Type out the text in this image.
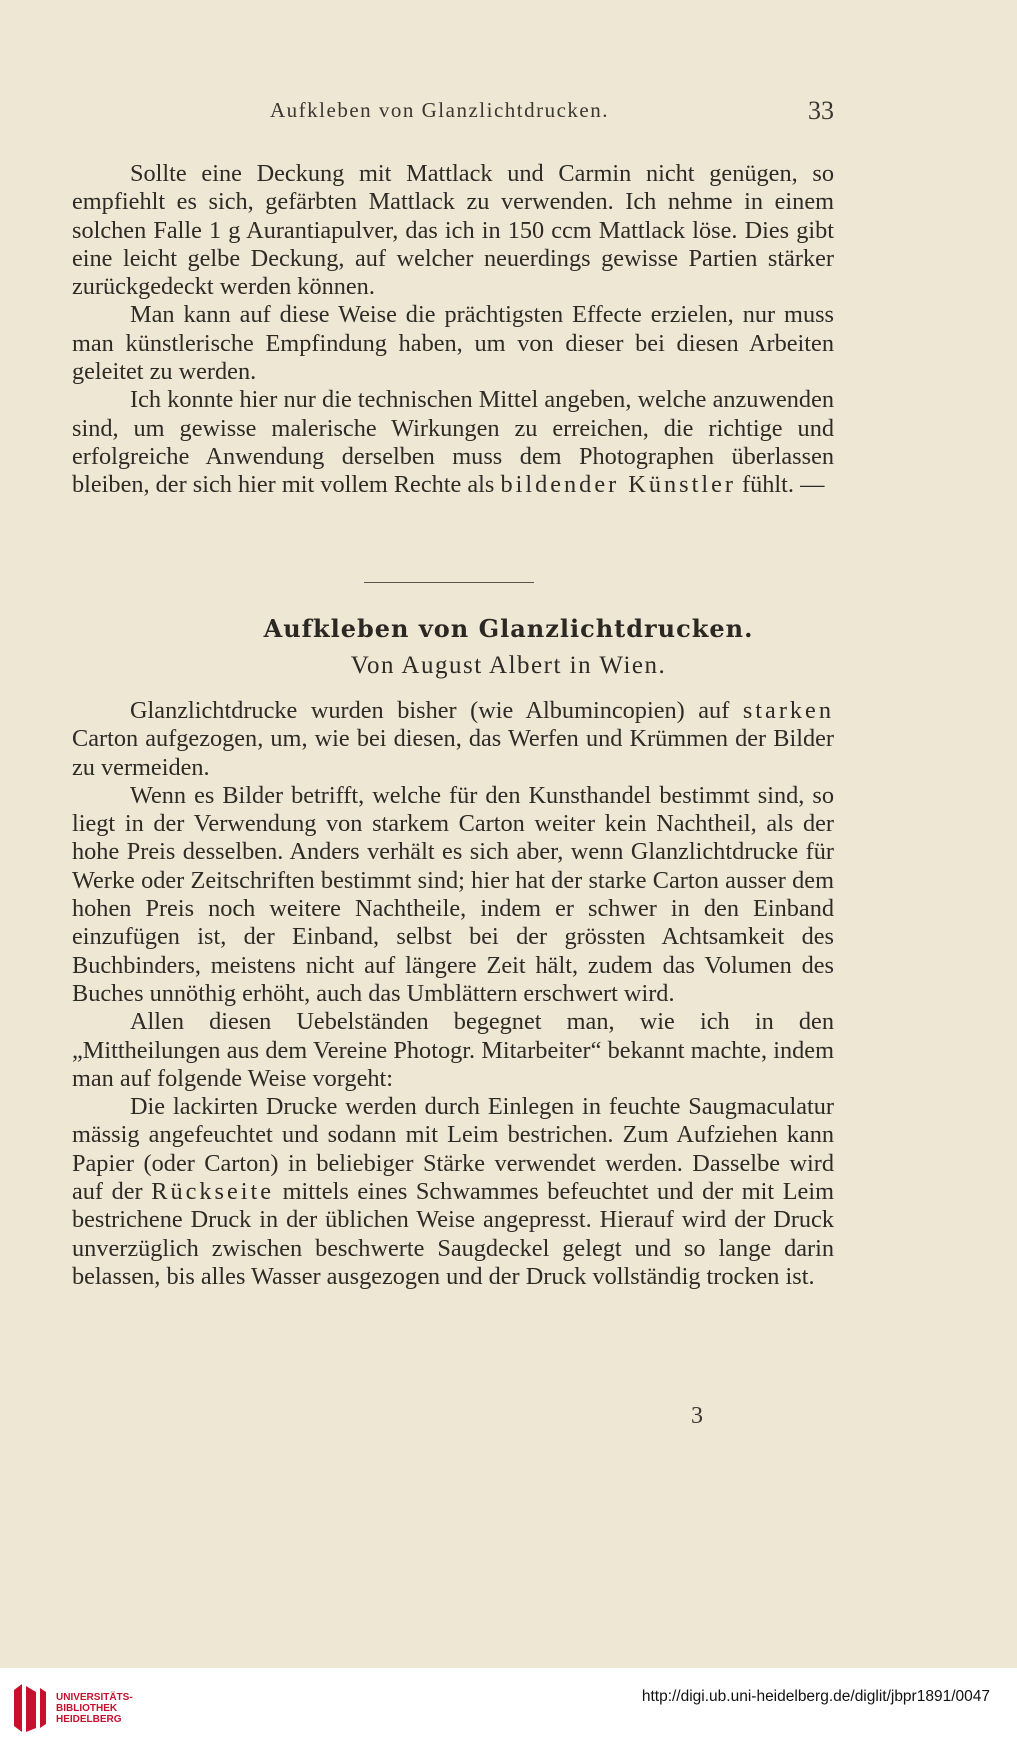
Aufkleben von Glanzlichtdrucken.	33

Sollte eine Deckung mit Mattlack und Carmin nicht genügen, so empfiehlt es sich, gefärbten Mattlack zu verwenden. Ich nehme in einem solchen Falle 1 g Aurantiapulver, das ich in 150 ccm Mattlack löse. Dies gibt eine leicht gelbe Deckung, auf welcher neuerdings gewisse Partien stärker zurückgedeckt werden können.

Man kann auf diese Weise die prächtigsten Effecte erzielen, nur muss man künstlerische Empfindung haben, um von dieser bei diesen Arbeiten geleitet zu werden.

Ich konnte hier nur die technischen Mittel angeben, welche anzuwenden sind, um gewisse malerische Wirkungen zu erreichen, die richtige und erfolgreiche Anwendung derselben muss dem Photographen überlassen bleiben, der sich hier mit vollem Rechte als bildender Künstler fühlt. —

Aufkleben von Glanzlichtdrucken.
Von August Albert in Wien.

Glanzlichtdrucke wurden bisher (wie Albumincopien) auf starken Carton aufgezogen, um, wie bei diesen, das Werfen und Krümmen der Bilder zu vermeiden.

Wenn es Bilder betrifft, welche für den Kunsthandel bestimmt sind, so liegt in der Verwendung von starkem Carton weiter kein Nachtheil, als der hohe Preis desselben. Anders verhält es sich aber, wenn Glanzlichtdrucke für Werke oder Zeitschriften bestimmt sind; hier hat der starke Carton ausser dem hohen Preis noch weitere Nachtheile, indem er schwer in den Einband einzufügen ist, der Einband, selbst bei der grössten Achtsamkeit des Buchbinders, meistens nicht auf längere Zeit hält, zudem das Volumen des Buches unnöthig erhöht, auch das Umblättern erschwert wird.

Allen diesen Uebelständen begegnet man, wie ich in den „Mittheilungen aus dem Vereine Photogr. Mitarbeiter“ bekannt machte, indem man auf folgende Weise vorgeht:

Die lackirten Drucke werden durch Einlegen in feuchte Saugmaculatur mässig angefeuchtet und sodann mit Leim bestrichen. Zum Aufziehen kann Papier (oder Carton) in beliebiger Stärke verwendet werden. Dasselbe wird auf der Rückseite mittels eines Schwammes befeuchtet und der mit Leim bestrichene Druck in der üblichen Weise angepresst. Hierauf wird der Druck unverzüglich zwischen beschwerte Saugdeckel gelegt und so lange darin belassen, bis alles Wasser ausgezogen und der Druck vollständig trocken ist.

3
UNIVERSITÄTS-
BIBLIOTHEK
HEIDELBERG
http://digi.ub.uni-heidelberg.de/diglit/jbpr1891/0047
